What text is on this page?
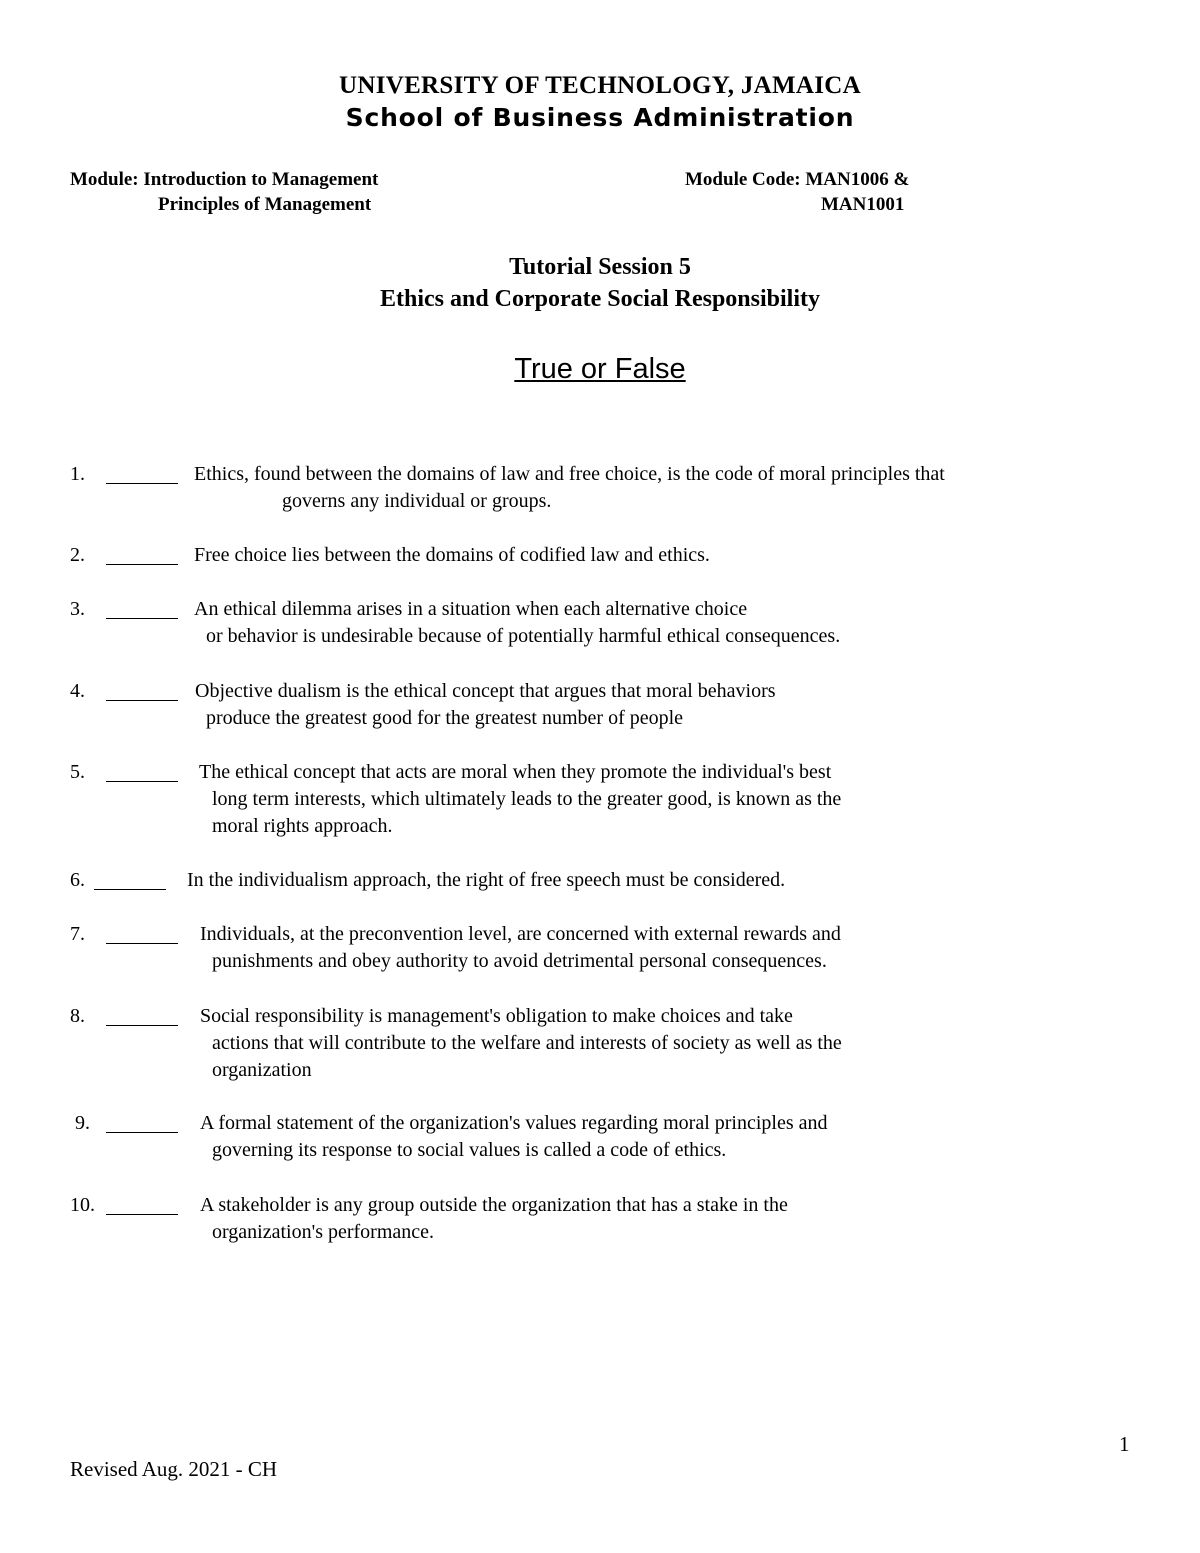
UNIVERSITY OF TECHNOLOGY, JAMAICA
School of Business Administration
Module: Introduction to Management
Principles of Management
Module Code: MAN1006 &
MAN1001
Tutorial Session 5
Ethics and Corporate Social Responsibility
True or False
1.	Ethics, found between the domains of law and free choice, is the code of moral principles that
governs any individual or groups.
2.	Free choice lies between the domains of codified law and ethics.
3.	An ethical dilemma arises in a situation when each alternative choice
or behavior is undesirable because of potentially harmful ethical consequences.
4.	Objective dualism is the ethical concept that argues that moral behaviors
produce the greatest good for the greatest number of people
5.	The ethical concept that acts are moral when they promote the individual's best
long term interests, which ultimately leads to the greater good, is known as the
moral rights approach.
6.	In the individualism approach, the right of free speech must be considered.
7.	Individuals, at the preconvention level, are concerned with external rewards and
punishments and obey authority to avoid detrimental personal consequences.
8.	Social responsibility is management's obligation to make choices and take
actions that will contribute to the welfare and interests of society as well as the
organization
9.	A formal statement of the organization's values regarding moral principles and
governing its response to social values is called a code of ethics.
10.	A stakeholder is any group outside the organization that has a stake in the
organization's performance.
1
Revised Aug. 2021 - CH
